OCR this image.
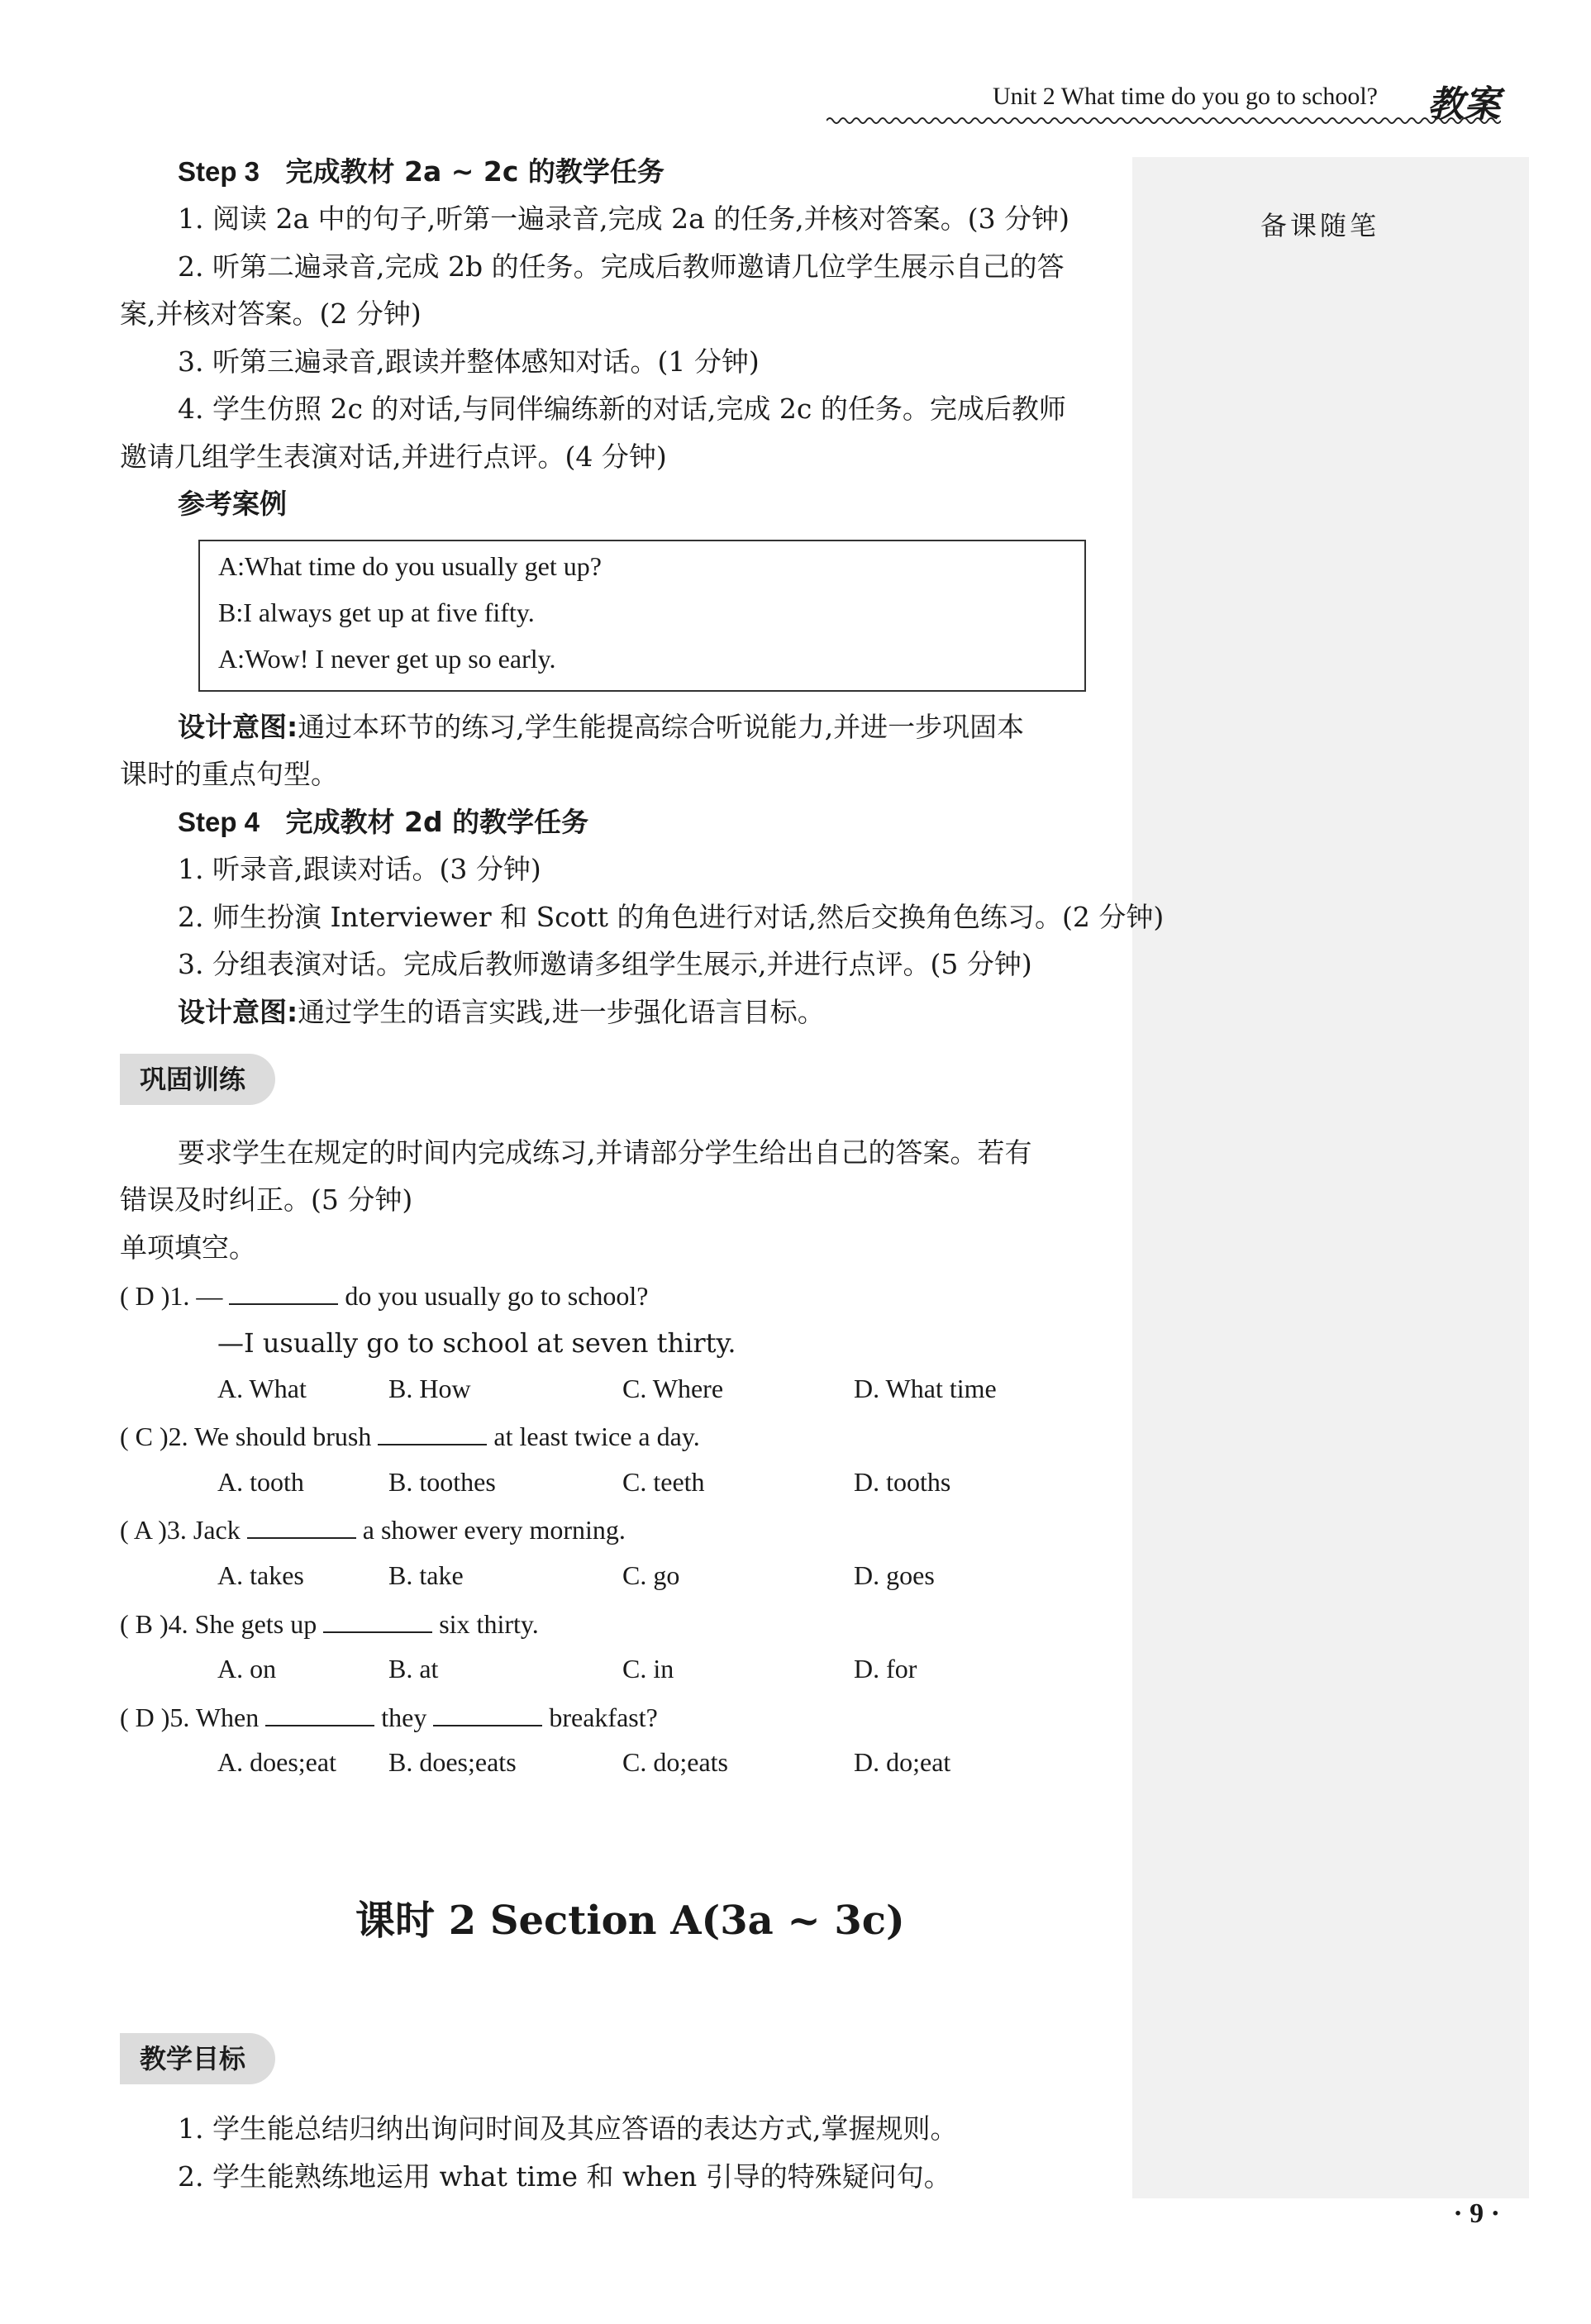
Unit 2 What time do you go to school? 教案
备课随笔
Step 3 完成教材 2a ~ 2c 的教学任务
1. 阅读 2a 中的句子,听第一遍录音,完成 2a 的任务,并核对答案。(3 分钟)
2. 听第二遍录音,完成 2b 的任务。完成后教师邀请几位学生展示自己的答
案,并核对答案。(2 分钟)
3. 听第三遍录音,跟读并整体感知对话。(1 分钟)
4. 学生仿照 2c 的对话,与同伴编练新的对话,完成 2c 的任务。完成后教师
邀请几组学生表演对话,并进行点评。(4 分钟)
参考案例
A:What time do you usually get up?
B:I always get up at five fifty.
A:Wow! I never get up so early.
设计意图:通过本环节的练习,学生能提高综合听说能力,并进一步巩固本
课时的重点句型。
Step 4 完成教材 2d 的教学任务
1. 听录音,跟读对话。(3 分钟)
2. 师生扮演 Interviewer 和 Scott 的角色进行对话,然后交换角色练习。(2 分钟)
3. 分组表演对话。完成后教师邀请多组学生展示,并进行点评。(5 分钟)
设计意图:通过学生的语言实践,进一步强化语言目标。
巩固训练
要求学生在规定的时间内完成练习,并请部分学生给出自己的答案。若有
错误及时纠正。(5 分钟)
单项填空。
( D )1. —	do you usually go to school?
—I usually go to school at seven thirty.
A. What	B. How	C. Where	D. What time
( C )2. We should brush	at least twice a day.
A. tooth	B. toothes	C. teeth	D. tooths
( A )3. Jack	a shower every morning.
A. takes	B. take	C. go	D. goes
( B )4. She gets up	six thirty.
A. on	B. at	C. in	D. for
( D )5. When	they	breakfast?
A. does;eat B. does;eats	C. do;eats	D. do;eat
教学目标
1. 学生能总结归纳出询问时间及其应答语的表达方式,掌握规则。
2. 学生能熟练地运用 what time 和 when 引导的特殊疑问句。
课时 2 Section A(3a ~ 3c)
· 9 ·
